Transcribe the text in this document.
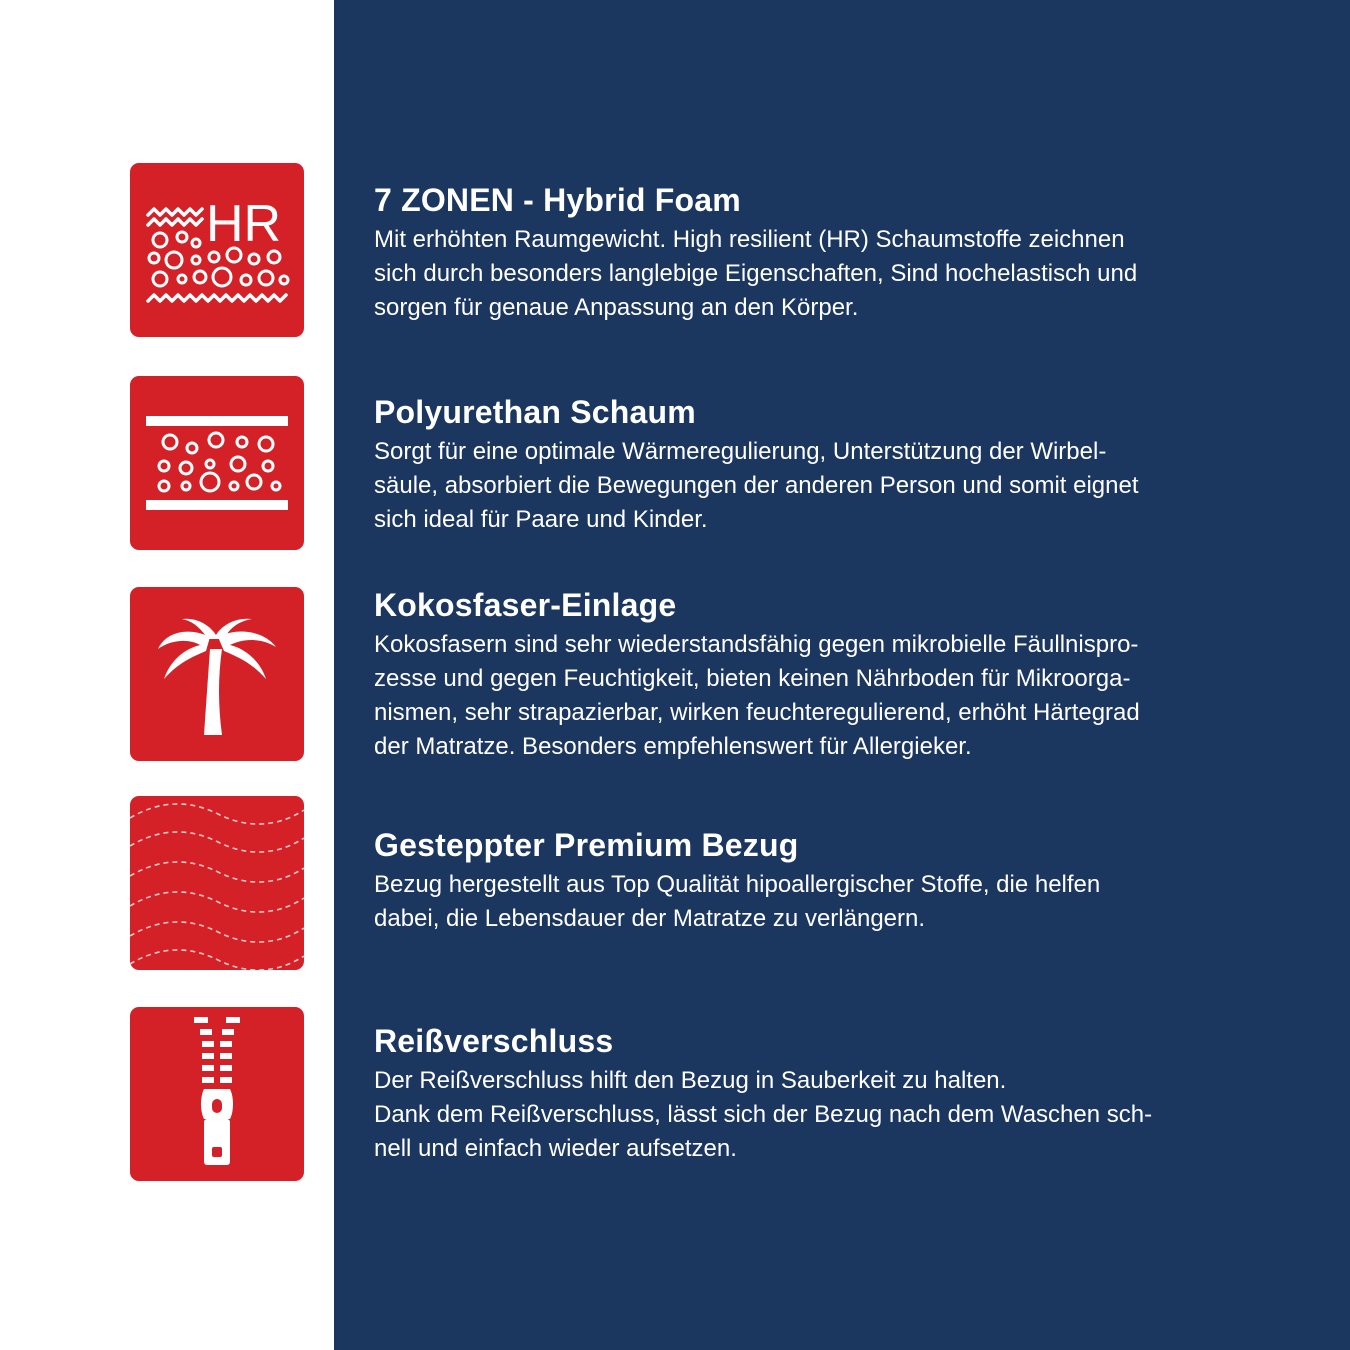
HR	7 ZONEN - Hybrid Foam

Mit erhöhten Raumgewicht. High resilient (HR) Schaumstoffe zeichnen
sich durch besonders langlebige Eigenschaften, Sind hochelastisch und
sorgen für genaue Anpassung an den Körper.

Polyurethan Schaum

Sorgt für eine optimale Wärmeregulierung, Unterstützung der Wirbel-
säule, absorbiert die Bewegungen der anderen Person und somit eignet
sich ideal für Paare und Kinder.

Kokosfaser-Einlage

Kokosfasern sind sehr wiederstandsfähig gegen mikrobielle Fäullnispro-
zesse und gegen Feuchtigkeit, bieten keinen Nährboden für Mikroorga-
nismen, sehr strapazierbar, wirken feuchteregulierend, erhöht Härtegrad
der Matratze. Besonders empfehlenswert für Allergieker.

Gesteppter Premium Bezug

Bezug hergestellt aus Top Qualität hipoallergischer Stoffe, die helfen
dabei, die Lebensdauer der Matratze zu verlängern.

Reißverschluss

Der Reißverschluss hilft den Bezug in Sauberkeit zu halten.
Dank dem Reißverschluss, lässt sich der Bezug nach dem Waschen sch-
nell und einfach wieder aufsetzen.
